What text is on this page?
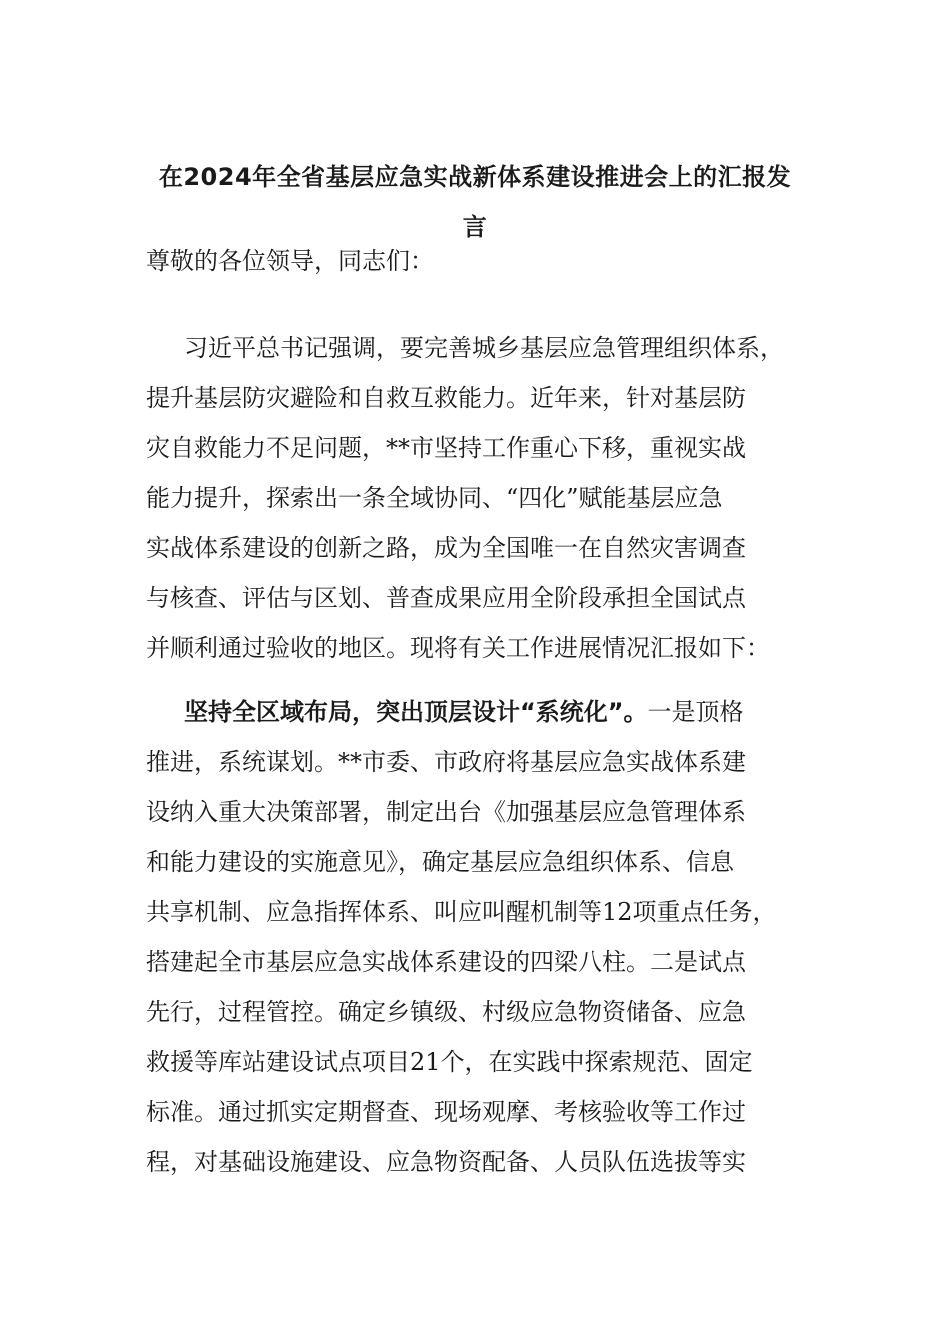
在2024年全省基层应急实战新体系建设推进会上的汇报发
言
尊敬的各位领导，同志们：
习近平总书记强调，要完善城乡基层应急管理组织体系，
提升基层防灾避险和自救互救能力。近年来，针对基层防
灾自救能力不足问题，**市坚持工作重心下移，重视实战
能力提升，探索出一条全域协同、“四化”赋能基层应急
实战体系建设的创新之路，成为全国唯一在自然灾害调查
与核查、评估与区划、普查成果应用全阶段承担全国试点
并顺利通过验收的地区。现将有关工作进展情况汇报如下：
坚持全区域布局，突出顶层设计“系统化”。一是顶格
推进，系统谋划。**市委、市政府将基层应急实战体系建
设纳入重大决策部署，制定出台《加强基层应急管理体系
和能力建设的实施意见》，确定基层应急组织体系、信息
共享机制、应急指挥体系、叫应叫醒机制等12项重点任务，
搭建起全市基层应急实战体系建设的四梁八柱。二是试点
先行，过程管控。确定乡镇级、村级应急物资储备、应急
救援等库站建设试点项目21个，在实践中探索规范、固定
标准。通过抓实定期督查、现场观摩、考核验收等工作过
程，对基础设施建设、应急物资配备、人员队伍选拔等实
